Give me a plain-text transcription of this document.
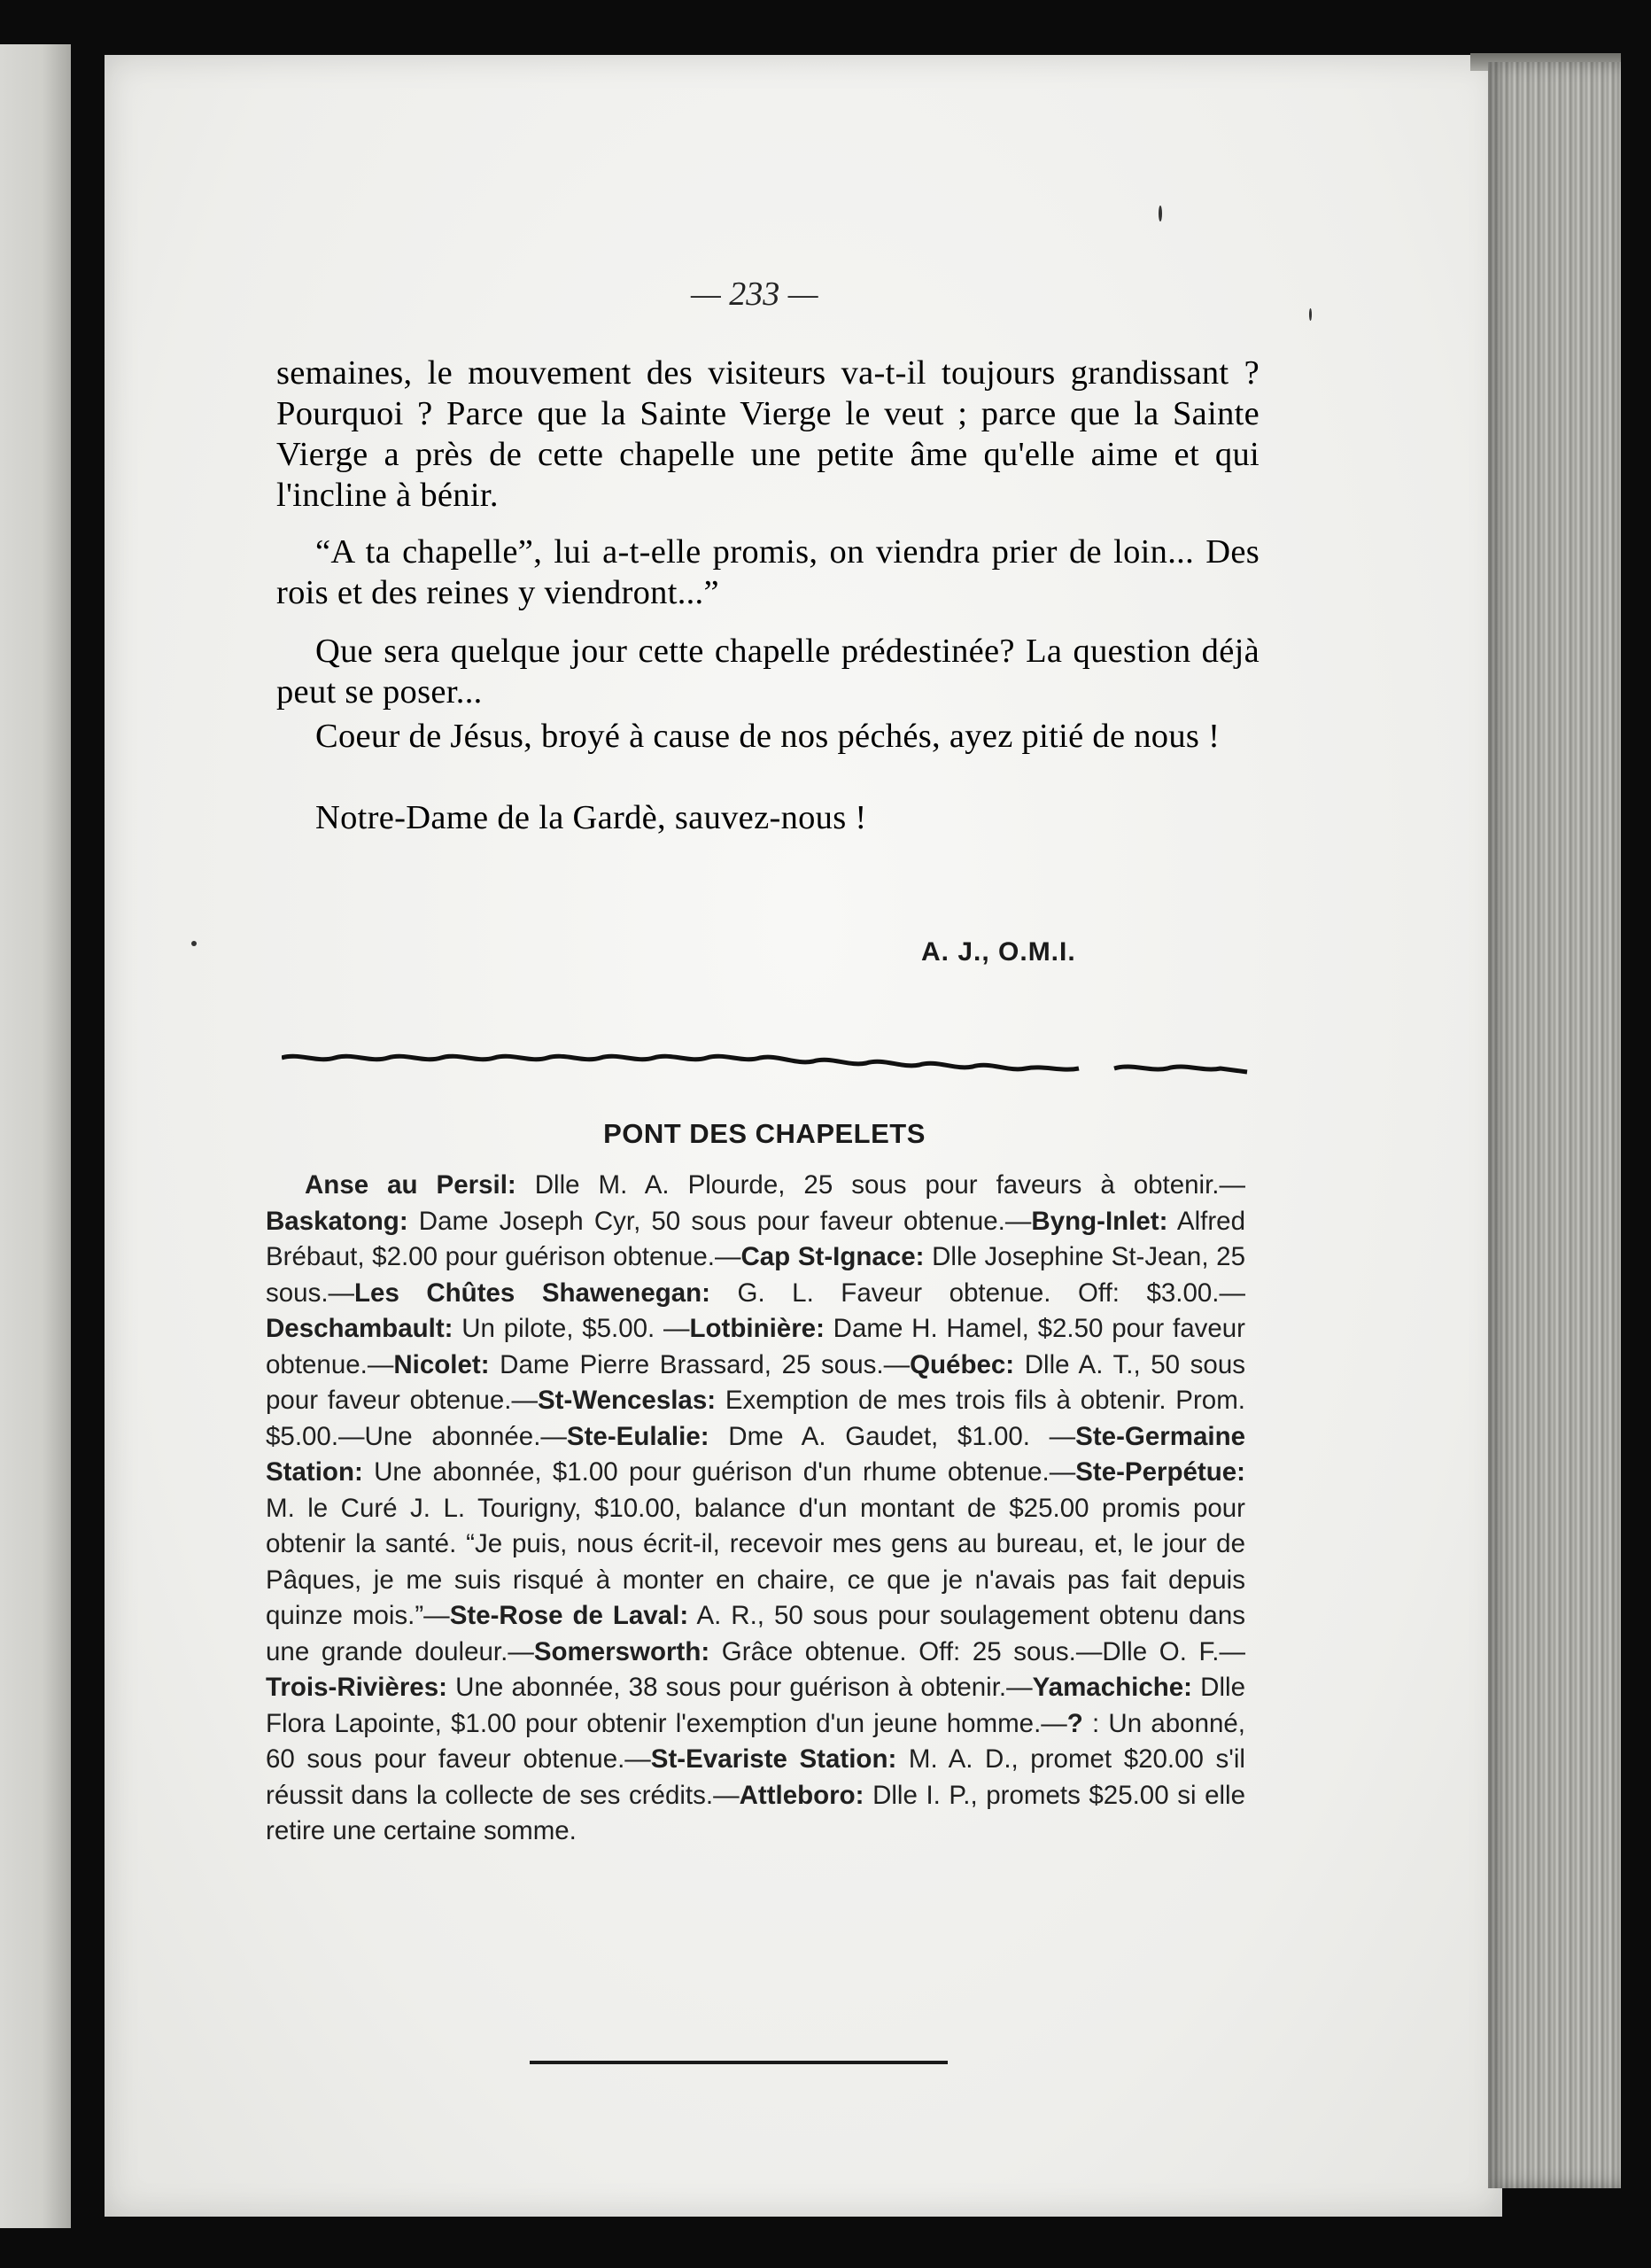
— 233 —

semaines, le mouvement des visiteurs va-t-il toujours grandissant ? Pourquoi ? Parce que la Sainte Vierge le veut ; parce que la Sainte Vierge a près de cette chapelle une petite âme qu'elle aime et qui l'incline à bénir.

“A ta chapelle”, lui a-t-elle promis, on viendra prier de loin... Des rois et des reines y viendront...”

Que sera quelque jour cette chapelle prédestinée? La question déjà peut se poser...

Coeur de Jésus, broyé à cause de nos péchés, ayez pitié de nous !

Notre-Dame de la Gardè, sauvez-nous !

A. J., O.M.I.
PONT DES CHAPELETS

Anse au Persil: Dlle M. A. Plourde, 25 sous pour faveurs à obtenir.—Baskatong: Dame Joseph Cyr, 50 sous pour faveur obtenue.—Byng-Inlet: Alfred Brébaut, $2.00 pour guérison obtenue.—Cap St-Ignace: Dlle Josephine St-Jean, 25 sous.—Les Chûtes Shawenegan: G. L. Faveur obtenue. Off: $3.00.—Deschambault: Un pilote, $5.00. —Lotbinière: Dame H. Hamel, $2.50 pour faveur obtenue.—Nicolet: Dame Pierre Brassard, 25 sous.—Québec: Dlle A. T., 50 sous pour faveur obtenue.—St-Wenceslas: Exemption de mes trois fils à obtenir. Prom. $5.00.—Une abonnée.—Ste-Eulalie: Dme A. Gaudet, $1.00. —Ste-Germaine Station: Une abonnée, $1.00 pour guérison d'un rhume obtenue.—Ste-Perpétue: M. le Curé J. L. Tourigny, $10.00, balance d'un montant de $25.00 promis pour obtenir la santé. “Je puis, nous écrit-il, recevoir mes gens au bureau, et, le jour de Pâques, je me suis risqué à monter en chaire, ce que je n'avais pas fait depuis quinze mois.”—Ste-Rose de Laval: A. R., 50 sous pour soulagement obtenu dans une grande douleur.—Somersworth: Grâce obtenue. Off: 25 sous.—Dlle O. F.—Trois-Rivières: Une abonnée, 38 sous pour guérison à obtenir.—Yamachiche: Dlle Flora Lapointe, $1.00 pour obtenir l'exemption d'un jeune homme.—? : Un abonné, 60 sous pour faveur obtenue.—St-Evariste Station: M. A. D., promet $20.00 s'il réussit dans la collecte de ses crédits.—Attleboro: Dlle I. P., promets $25.00 si elle retire une certaine somme.
